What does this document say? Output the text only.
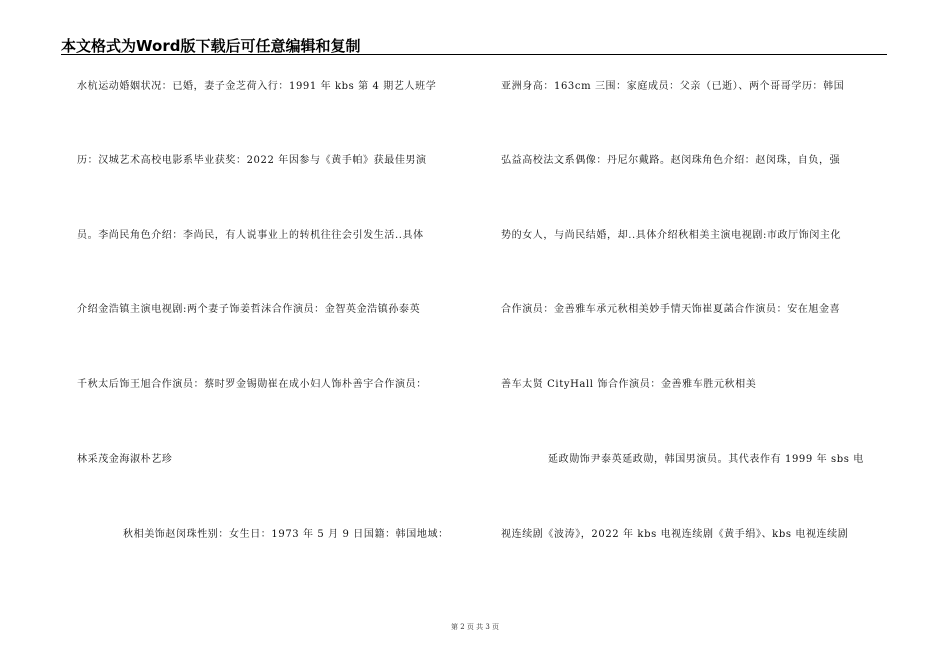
本文格式为Word版下载后可任意编辑和复制
水杭运动婚姻状况：已婚，妻子金芝荷入行：1991 年 kbs 第 4 期艺人班学
历：汉城艺术高校电影系毕业获奖：2022 年因参与《黄手帕》获最佳男演
员。李尚民角色介绍：李尚民，有人说事业上的转机往往会引发生活..具体
介绍金浩镇主演电视剧:两个妻子饰姜哲沫合作演员：金智英金浩镇孙泰英
千秋太后饰王旭合作演员：蔡时罗金锡勋崔在成小妇人饰朴善宇合作演员：
林采茂金海淑朴艺珍
秋相美饰赵闵珠性别：女生日：1973 年 5 月 9 日国籍：韩国地域：
亚洲身高：163cm 三围：家庭成员：父亲（已逝）、两个哥哥学历：韩国
弘益高校法文系偶像：丹尼尔戴路。赵闵珠角色介绍：赵闵珠，自负，强
势的女人，与尚民结婚，却..具体介绍秋相美主演电视剧:市政厅饰闵主化
合作演员：金善雅车承元秋相美妙手情天饰崔夏菡合作演员：安在旭金喜
善车太贤 CityHall 饰合作演员：金善雅车胜元秋相美
延政勋饰尹泰英延政勋，韩国男演员。其代表作有 1999 年 sbs 电
视连续剧《波涛》，2022 年 kbs 电视连续剧《黄手绢》、kbs 电视连续剧
第 2 页 共 3 页
